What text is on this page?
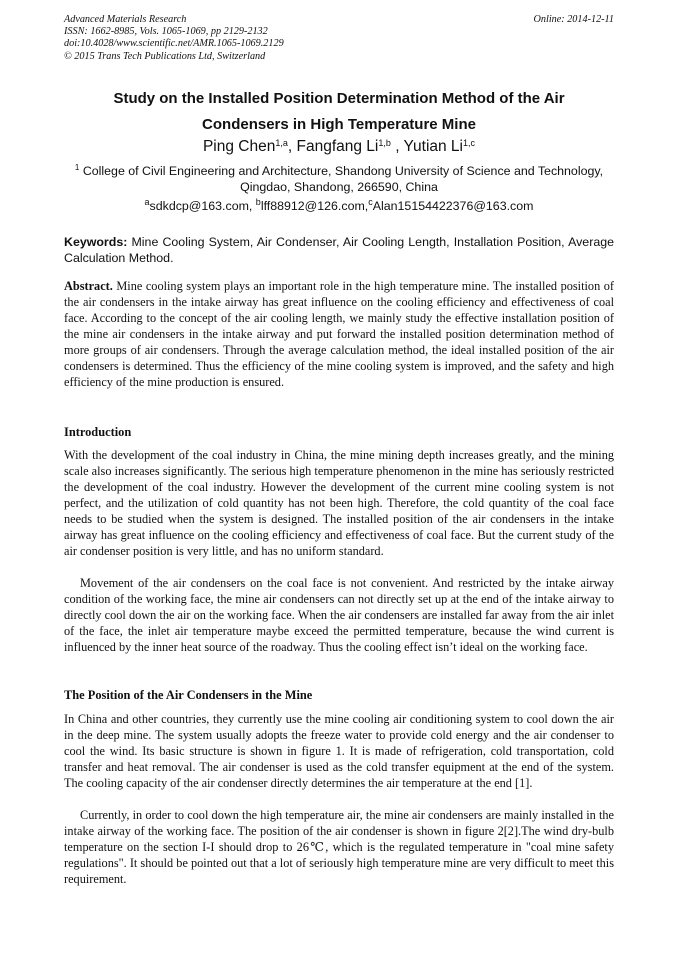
Advanced Materials Research
ISSN: 1662-8985, Vols. 1065-1069, pp 2129-2132
doi:10.4028/www.scientific.net/AMR.1065-1069.2129
© 2015 Trans Tech Publications Ltd, Switzerland
Online: 2014-12-11
Study on the Installed Position Determination Method of the Air
Condensers in High Temperature Mine
Ping Chen$^{1,a}$, Fangfang Li$^{1,b}$ , Yutian Li$^{1,c}$
$^1$ College of Civil Engineering and Architecture, Shandong University of Science and Technology,
Qingdao, Shandong, 266590, China
$^a$sdkdcp@163.com, $^b$lff88912@126.com,$^c$Alan15154422376@163.com
Keywords: Mine Cooling System, Air Condenser, Air Cooling Length, Installation Position, Average Calculation Method.
Abstract. Mine cooling system plays an important role in the high temperature mine. The installed position of the air condensers in the intake airway has great influence on the cooling efficiency and effectiveness of coal face. According to the concept of the air cooling length, we mainly study the effective installation position of the mine air condensers in the intake airway and put forward the installed position determination method of more groups of air condensers. Through the average calculation method, the ideal installed position of the air condensers is determined. Thus the efficiency of the mine cooling system is improved, and the safety and high efficiency of the mine production is ensured.
Introduction

With the development of the coal industry in China, the mine mining depth increases greatly, and the mining scale also increases significantly. The serious high temperature phenomenon in the mine has seriously restricted the development of the coal industry. However the development of the current mine cooling system is not perfect, and the utilization of cold quantity has not been high. Therefore, the cold quantity of the coal face needs to be studied when the system is designed. The installed position of the air condensers in the intake airway has great influence on the cooling efficiency and effectiveness of coal face. But the current study of the air condenser position is very little, and has no uniform standard.

Movement of the air condensers on the coal face is not convenient. And restricted by the intake airway condition of the working face, the mine air condensers can not directly set up at the end of the intake airway to directly cool down the air on the working face. When the air condensers are installed far away from the air inlet of the face, the inlet air temperature maybe exceed the permitted temperature, because the wind current is influenced by the inner heat source of the roadway. Thus the cooling effect isn’t ideal on the working face.

The Position of the Air Condensers in the Mine

In China and other countries, they currently use the mine cooling air conditioning system to cool down the air in the deep mine. The system usually adopts the freeze water to provide cold energy and the air condenser to cool the wind. Its basic structure is shown in figure 1. It is made of refrigeration, cold transportation, cold transfer and heat removal. The air condenser is used as the cold transfer equipment at the end of the system. The cooling capacity of the air condenser directly determines the air temperature at the end [1].

Currently, in order to cool down the high temperature air, the mine air condensers are mainly installed in the intake airway of the working face. The position of the air condenser is shown in figure 2[2].The wind dry-bulb temperature on the section I-I should drop to 26℃, which is the regulated temperature in "coal mine safety regulations". It should be pointed out that a lot of seriously high temperature mine are very difficult to meet this requirement.
